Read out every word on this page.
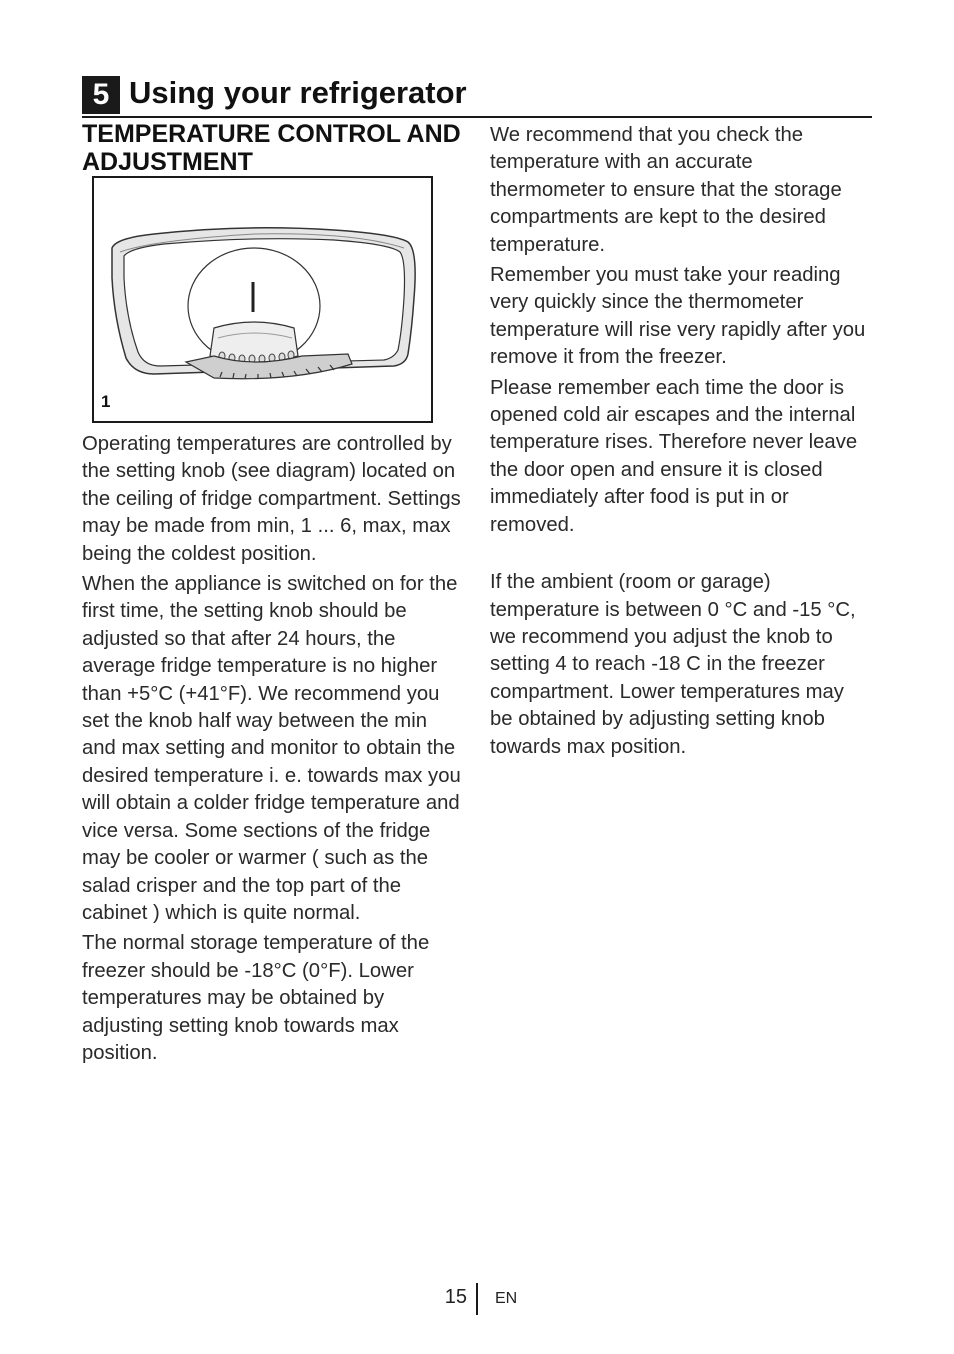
5 Using your refrigerator
TEMPERATURE CONTROL AND ADJUSTMENT
1

Operating temperatures are controlled by the setting knob (see diagram) located on the ceiling of fridge compartment. Settings may be made from min, 1 ... 6, max, max being the coldest position.

When the appliance is switched on for the first time, the setting knob should be adjusted so that after 24 hours, the average fridge temperature is no higher than +5°C (+41°F). We recommend you set the knob half way between the min and max setting and monitor to obtain the desired temperature i. e. towards max you will obtain a colder fridge temperature and vice versa. Some sections of the fridge may be cooler or warmer ( such as the salad crisper and the top part of the cabinet ) which is quite normal.

The normal storage temperature of the freezer should be -18°C (0°F). Lower temperatures may be obtained by adjusting setting knob towards max position.

We recommend that you check the temperature with an accurate thermometer to ensure that the storage compartments are kept to the desired temperature.

Remember you must take your reading very quickly since the thermometer temperature will rise very rapidly after you remove it from the freezer.

Please remember each time the door is opened cold air escapes and the internal temperature rises. Therefore never leave the door open and ensure it is closed immediately after food is put in or removed.

If the ambient (room or garage) temperature is between 0 °C and -15 °C, we recommend you adjust the knob to setting 4 to reach -18 C in the freezer compartment. Lower temperatures may be obtained by adjusting setting knob towards max position.

15 EN
